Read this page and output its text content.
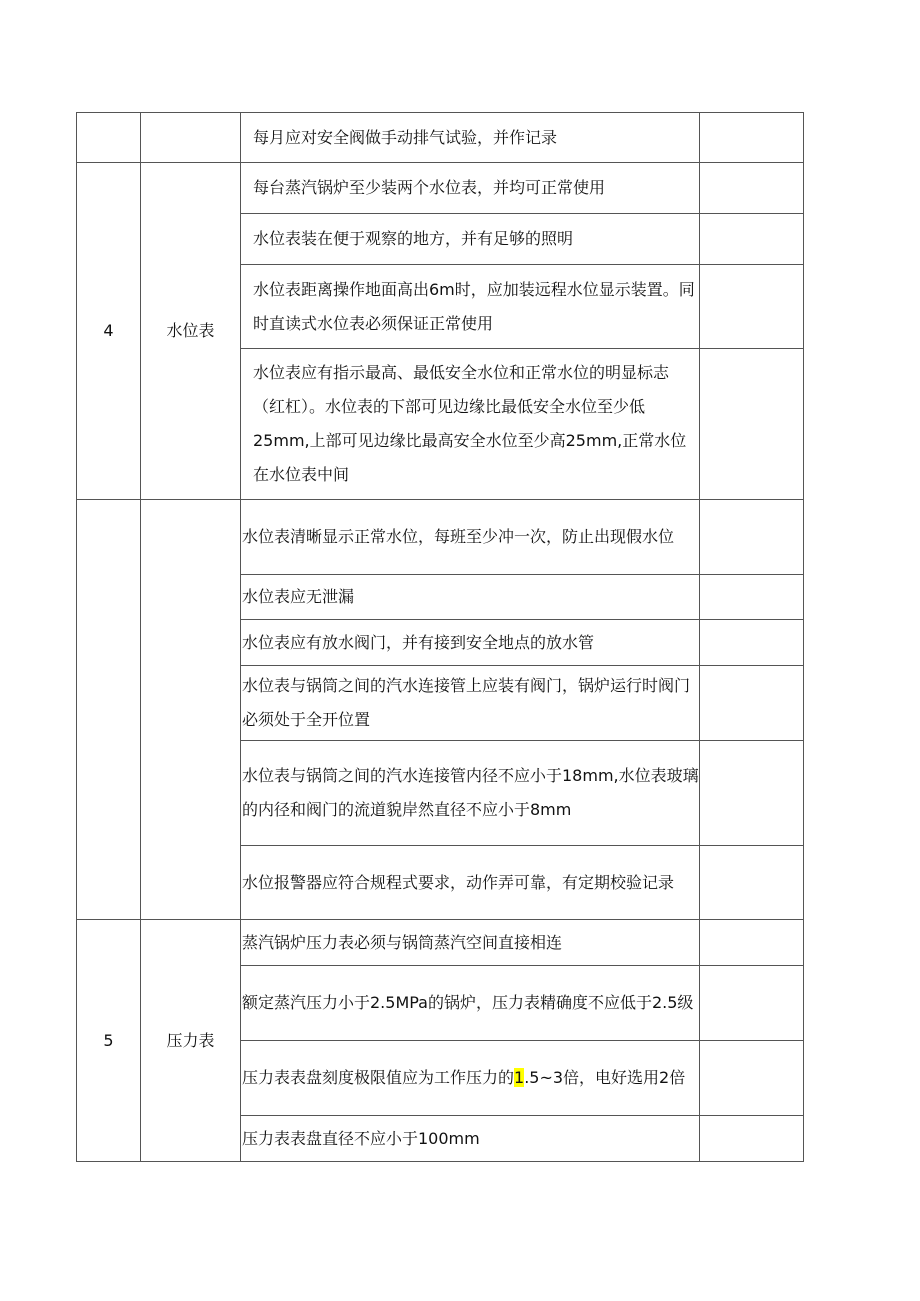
		每月应对安全阀做手动排气试验，并作记录	
4	水位表	每台蒸汽锅炉至少装两个水位表，并均可正常使用	
		水位表装在便于观察的地方，并有足够的照明	
		水位表距离操作地面高出6m时，应加装远程水位显示装置。同时直读式水位表必须保证正常使用	
		水位表应有指示最高、最低安全水位和正常水位的明显标志（红杠）。水位表的下部可见边缘比最低安全水位至少低25mm,上部可见边缘比最高安全水位至少高25mm,正常水位在水位表中间	
		水位表清晰显示正常水位，每班至少冲一次，防止出现假水位	
		水位表应无泄漏	
		水位表应有放水阀门，并有接到安全地点的放水管	
		水位表与锅筒之间的汽水连接管上应装有阀门，锅炉运行时阀门必须处于全开位置	
		水位表与锅筒之间的汽水连接管内径不应小于18mm,水位表玻璃的内径和阀门的流道貌岸然直径不应小于8mm	
		水位报警器应符合规程式要求，动作弄可靠，有定期校验记录	
5	压力表	蒸汽锅炉压力表必须与锅筒蒸汽空间直接相连	
		额定蒸汽压力小于2.5MPa的锅炉，压力表精确度不应低于2.5级	
		压力表表盘刻度极限值应为工作压力的1.5~3倍，电好选用2倍	
		压力表表盘直径不应小于100mm	
